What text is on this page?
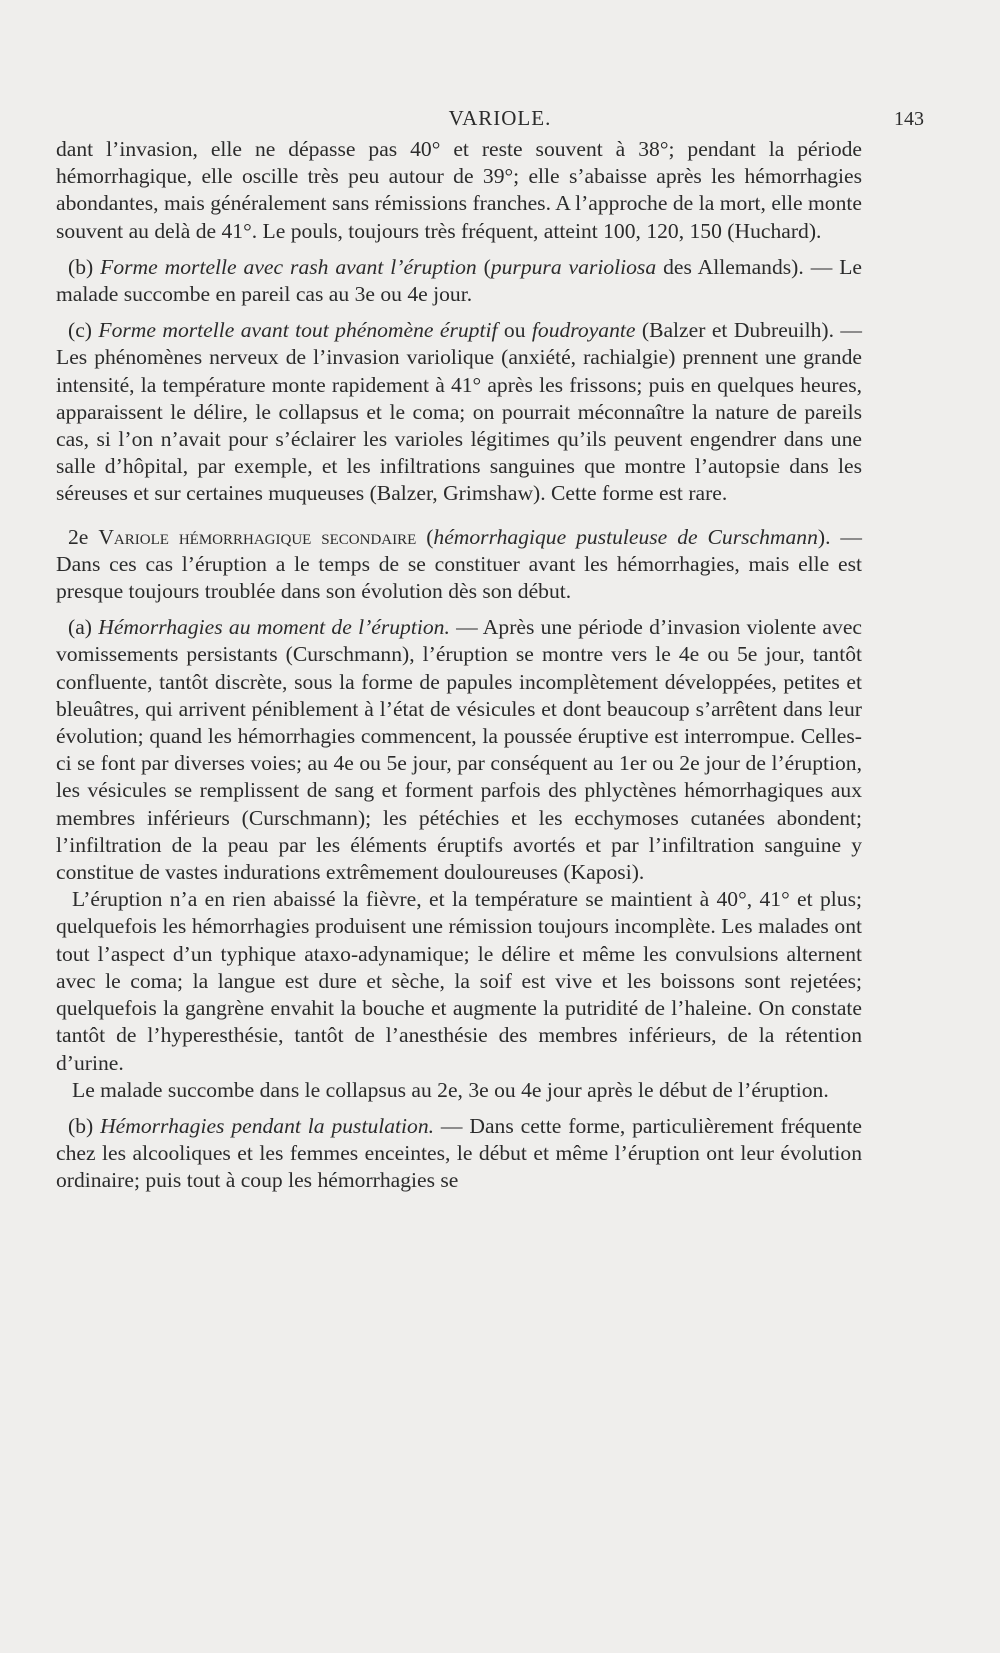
VARIOLE.	143

dant l’invasion, elle ne dépasse pas 40° et reste souvent à 38°; pendant la période hémorrhagique, elle oscille très peu autour de 39°; elle s’abaisse après les hémorrhagies abondantes, mais généralement sans rémissions franches. A l’approche de la mort, elle monte souvent au delà de 41°. Le pouls, toujours très fréquent, atteint 100, 120, 150 (Huchard).

(b) Forme mortelle avec rash avant l’éruption (purpura varioliosa des Allemands). — Le malade succombe en pareil cas au 3e ou 4e jour.

(c) Forme mortelle avant tout phénomène éruptif ou foudroyante (Balzer et Dubreuilh). — Les phénomènes nerveux de l’invasion variolique (anxiété, rachialgie) prennent une grande intensité, la température monte rapidement à 41° après les frissons; puis en quelques heures, apparaissent le délire, le collapsus et le coma; on pourrait méconnaître la nature de pareils cas, si l’on n’avait pour s’éclairer les varioles légitimes qu’ils peuvent engendrer dans une salle d’hôpital, par exemple, et les infiltrations sanguines que montre l’autopsie dans les séreuses et sur certaines muqueuses (Balzer, Grimshaw). Cette forme est rare.

2e Variole hémorrhagique secondaire (hémorrhagique pustuleuse de Curschmann). — Dans ces cas l’éruption a le temps de se constituer avant les hémorrhagies, mais elle est presque toujours troublée dans son évolution dès son début.

(a) Hémorrhagies au moment de l’éruption. — Après une période d’invasion violente avec vomissements persistants (Curschmann), l’éruption se montre vers le 4e ou 5e jour, tantôt confluente, tantôt discrète, sous la forme de papules incomplètement développées, petites et bleuâtres, qui arrivent péniblement à l’état de vésicules et dont beaucoup s’arrêtent dans leur évolution; quand les hémorrhagies commencent, la poussée éruptive est interrompue. Celles-ci se font par diverses voies; au 4e ou 5e jour, par conséquent au 1er ou 2e jour de l’éruption, les vésicules se remplissent de sang et forment parfois des phlyctènes hémorrhagiques aux membres inférieurs (Curschmann); les pétéchies et les ecchymoses cutanées abondent; l’infiltration de la peau par les éléments éruptifs avortés et par l’infiltration sanguine y constitue de vastes indurations extrêmement douloureuses (Kaposi).

L’éruption n’a en rien abaissé la fièvre, et la température se maintient à 40°, 41° et plus; quelquefois les hémorrhagies produisent une rémission toujours incomplète. Les malades ont tout l’aspect d’un typhique ataxo-adynamique; le délire et même les convulsions alternent avec le coma; la langue est dure et sèche, la soif est vive et les boissons sont rejetées; quelquefois la gangrène envahit la bouche et augmente la putridité de l’haleine. On constate tantôt de l’hyperesthésie, tantôt de l’anesthésie des membres inférieurs, de la rétention d’urine.

Le malade succombe dans le collapsus au 2e, 3e ou 4e jour après le début de l’éruption.

(b) Hémorrhagies pendant la pustulation. — Dans cette forme, particulièrement fréquente chez les alcooliques et les femmes enceintes, le début et même l’éruption ont leur évolution ordinaire; puis tout à coup les hémorrhagies se
